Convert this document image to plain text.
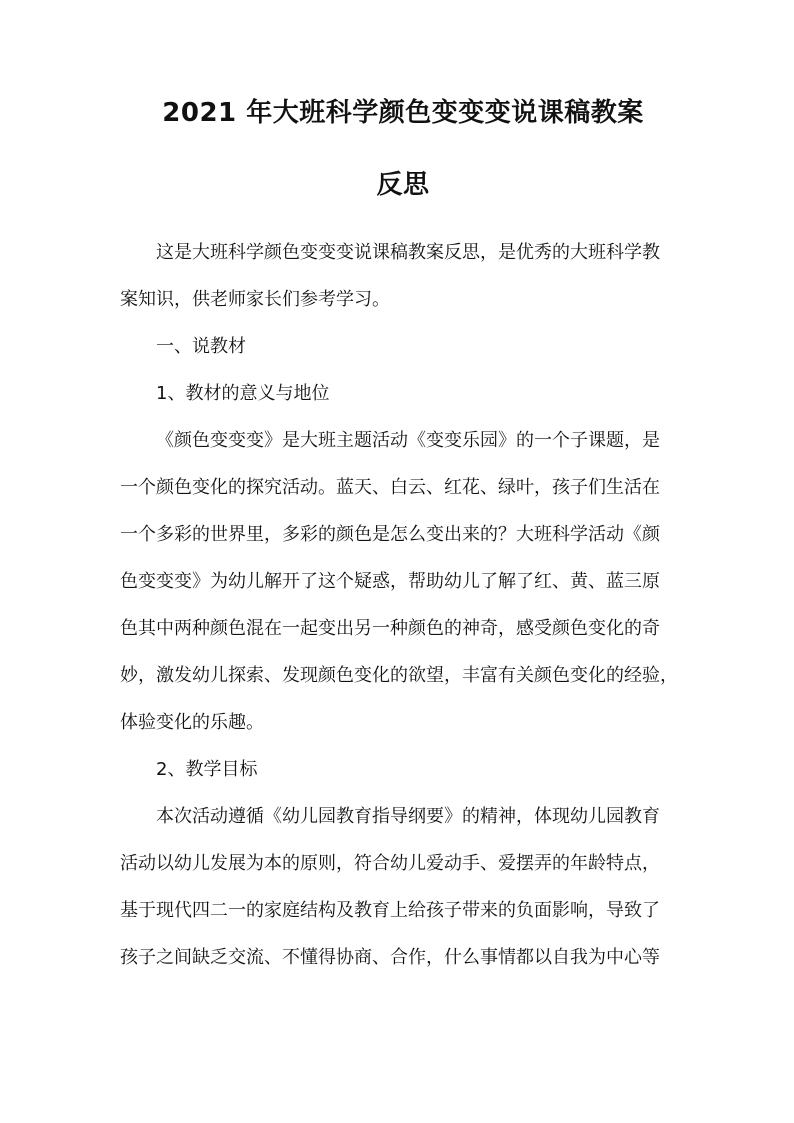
2021 年大班科学颜色变变变说课稿教案
反思
这是大班科学颜色变变变说课稿教案反思，是优秀的大班科学教
案知识，供老师家长们参考学习。
一、说教材
1、教材的意义与地位
《颜色变变变》是大班主题活动《变变乐园》的一个子课题，是
一个颜色变化的探究活动。蓝天、白云、红花、绿叶，孩子们生活在
一个多彩的世界里，多彩的颜色是怎么变出来的？大班科学活动《颜
色变变变》为幼儿解开了这个疑惑，帮助幼儿了解了红、黄、蓝三原
色其中两种颜色混在一起变出另一种颜色的神奇，感受颜色变化的奇
妙，激发幼儿探索、发现颜色变化的欲望，丰富有关颜色变化的经验，
体验变化的乐趣。
2、教学目标
本次活动遵循《幼儿园教育指导纲要》的精神，体现幼儿园教育
活动以幼儿发展为本的原则，符合幼儿爱动手、爱摆弄的年龄特点，
基于现代四二一的家庭结构及教育上给孩子带来的负面影响，导致了
孩子之间缺乏交流、不懂得协商、合作，什么事情都以自我为中心等
